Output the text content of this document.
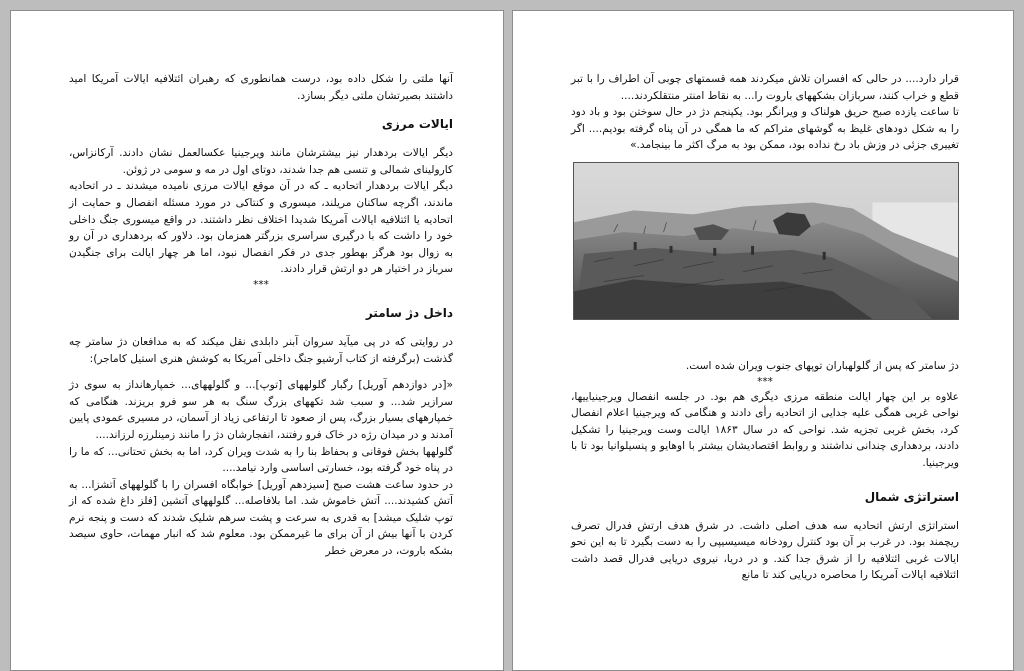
آنها ملتی را شکل داده بود، درست همانطوری که رهبران ائتلافیه ایالات آمریکا امید داشتند بصیرتشان ملتی دیگر بسازد.

ایالات مرزی

دیگر ایالات بردهدار نیز بیشترشان مانند ویرجینیا عکسالعمل نشان دادند. آرکانزاس، کارولینای شمالی و تنسی هم جدا شدند، دوتای اول در مه و سومی در ژوئن.

دیگر ایالات بردهدار اتحادیه ـ که در آن موقع ایالات مرزی نامیده میشدند ـ در اتحادیه ماندند، اگرچه ساکنان مریلند، میسوری و کنتاکی در مورد مسئله انفصال و حمایت از اتحادیه یا ائتلافیه ایالات آمریکا شدیدا اختلاف نظر داشتند. در واقع میسوری جنگ داخلی خود را داشت که با درگیری سراسری بزرگتر همزمان بود. دلاور که بردهداری در آن رو به زوال بود هرگز بهطور جدی در فکر انفصال نبود، اما هر چهار ایالت برای جنگیدن سرباز در اختیار هر دو ارتش قرار دادند.

***
داخل دژ سامتر

در روایتی که در پی میآید سروان آبنر دابلدی نقل میکند که به مدافعان دژ سامتر چه گذشت (برگرفته از کتاب آرشیو جنگ داخلی آمریکا به کوشش هنری استیل کاماجر):

«[در دوازدهم آوریل] رگبار گلولههای [توپ]... و گلولههای... خمپارهانداز به سوی دژ سرازیر شد... و سبب شد تکههای بزرگ سنگ به هر سو فرو بریزند. هنگامی که خمپارههای بسیار بزرگ، پس از صعود تا ارتفاعی زیاد از آسمان، در مسیری عمودی پایین آمدند و در میدان رژه در خاک فرو رفتند، انفجارشان دژ را مانند زمینلرزه لرزاند....

گلولهها بخش فوقانی و بحفاظ بنا را به شدت ویران کرد، اما به بخش تحتانی... که ما را در پناه خود گرفته بود، خسارتی اساسی وارد نیامد....

در حدود ساعت هشت صبح [سیزدهم آوریل] خوابگاه افسران را با گلولههای آتشزا... به آتش کشیدند.... آتش خاموش شد. اما بلافاصله... گلولههای آتشین [فلز داغ شده که از توپ شلیک میشد] به قدری به سرعت و پشت سرهم شلیک شدند که دست و پنجه نرم کردن با آنها بیش از آن برای ما غیرممکن بود. معلوم شد که انبار مهمات، حاوی سیصد بشکه باروت، در معرض خطر

قرار دارد.... در حالی که افسران تلاش میکردند همه قسمتهای چوبی آن اطراف را با تبر قطع و خراب کنند، سربازان بشکههای باروت را... به نقاط امنتر منتقلکردند....

تا ساعت یازده صبح حریق هولناک و ویرانگر بود. یکپنجم دژ در حال سوختن بود و باد دود را به شکل دودهای غلیظ به گوشهای متراکم که ما همگی در آن پناه گرفته بودیم.... اگر تغییری جزئی در وزش باد رخ نداده بود، ممکن بود به مرگ اکثر ما بینجامد.»

دژ سامتر که پس از گلولهباران توپهای جنوب ویران شده است.

***

علاوه بر این چهار ایالت منطقه مرزی دیگری هم بود. در جلسه انفصال ویرجینیاییها، نواحی غربی همگی علیه جدایی از اتحادیه رأی دادند و هنگامی که ویرجینیا اعلام انفصال کرد، بخش غربی تجزیه شد. نواحی که در سال ۱۸۶۳ ایالت وست ویرجینیا را تشکیل دادند، بردهداری چندانی نداشتند و روابط اقتصادیشان بیشتر با اوهایو و پنسیلوانیا بود تا با ویرجینیا.

استراتژی شمال

استراتژی ارتش اتحادیه سه هدف اصلی داشت. در شرق هدف ارتش فدرال تصرف ریچمند بود. در غرب بر آن بود کنترل رودخانه میسیسیپی را به دست بگیرد تا به این نحو ایالات غربی ائتلافیه را از شرق جدا کند. و در دریا، نیروی دریایی فدرال قصد داشت ائتلافیه ایالات آمریکا را محاصره دریایی کند تا مانع
